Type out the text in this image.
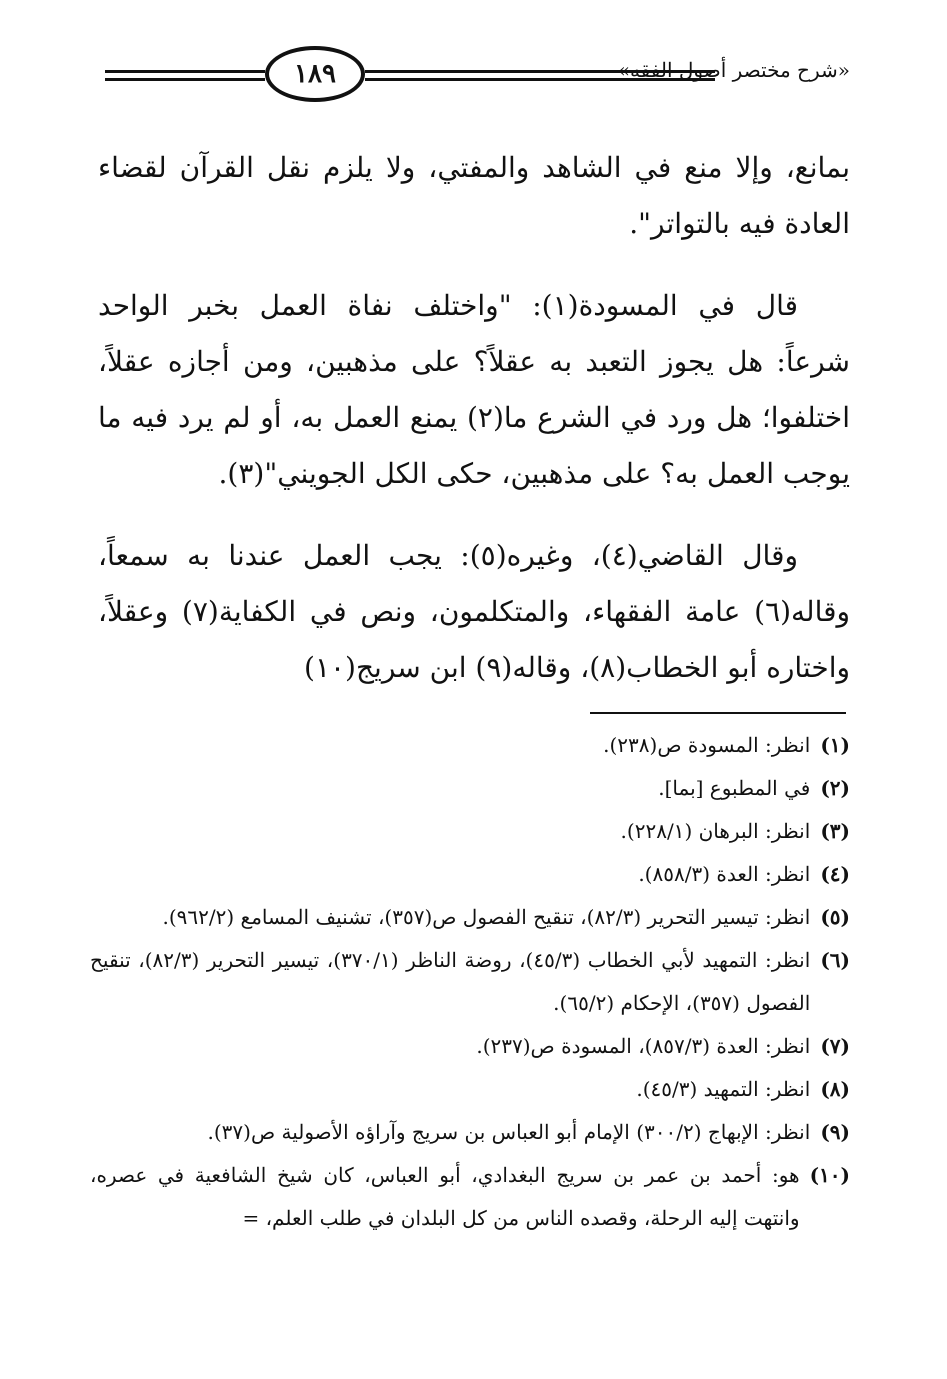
١٨٩	«شرح مختصر أصول الفقه»

بمانع، وإلا منع في الشاهد والمفتي، ولا يلزم نقل القرآن لقضاء العادة فيه بالتواتر".

قال في المسودة(١): "واختلف نفاة العمل بخبر الواحد شرعاً: هل يجوز التعبد به عقلاً؟ على مذهبين، ومن أجازه عقلاً، اختلفوا؛ هل ورد في الشرع ما(٢) يمنع العمل به، أو لم يرد فيه ما يوجب العمل به؟ على مذهبين، حكى الكل الجويني"(٣).

وقال القاضي(٤)، وغيره(٥): يجب العمل عندنا به سمعاً، وقاله(٦) عامة الفقهاء، والمتكلمون، ونص في الكفاية(٧) وعقلاً، واختاره أبو الخطاب(٨)، وقاله(٩) ابن سريج(١٠)

(١)
انظر: المسودة ص(٢٣٨).
(٢)
في المطبوع [بما].
(٣)
انظر: البرهان (٢٢٨/١).
(٤)
انظر: العدة (٨٥٨/٣).
(٥)
انظر: تيسير التحرير (٨٢/٣)، تنقيح الفصول ص(٣٥٧)، تشنيف المسامع (٩٦٢/٢).
(٦)
انظر: التمهيد لأبي الخطاب (٤٥/٣)، روضة الناظر (٣٧٠/١)، تيسير التحرير (٨٢/٣)، تنقيح الفصول (٣٥٧)، الإحكام (٦٥/٢).
(٧)
انظر: العدة (٨٥٧/٣)، المسودة ص(٢٣٧).
(٨)
انظر: التمهيد (٤٥/٣).
(٩)
انظر: الإبهاج (٣٠٠/٢) الإمام أبو العباس بن سريج وآراؤه الأصولية ص(٣٧).
(١٠)
هو: أحمد بن عمر بن سريج البغدادي، أبو العباس، كان شيخ الشافعية في عصره، وانتهت إليه الرحلة، وقصده الناس من كل البلدان في طلب العلم، =
